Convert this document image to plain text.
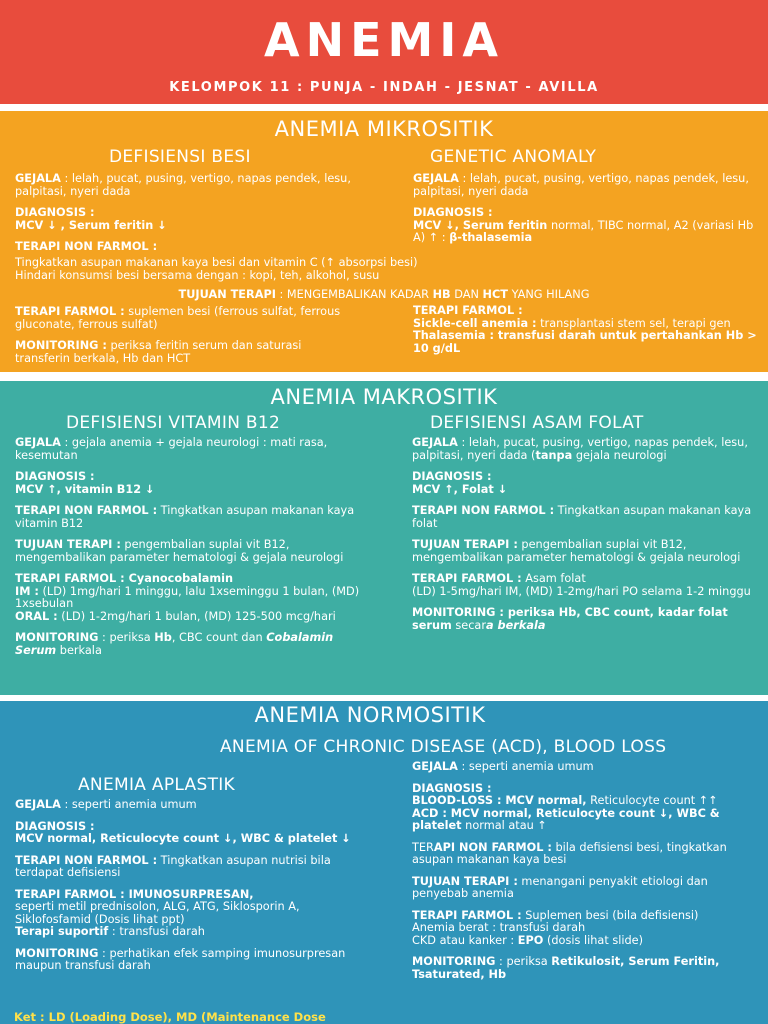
ANEMIA
KELOMPOK 11 : PUNJA - INDAH - JESNAT - AVILLA
ANEMIA MIKROSITIK
DEFISIENSI BESI	GENETIC ANOMALY

GEJALA : lelah, pucat, pusing, vertigo, napas pendek, lesu, palpitasi, nyeri dada

DIAGNOSIS :

MCV ↓ , Serum feritin ↓

TERAPI NON FARMOL :

Tingkatkan asupan makanan kaya besi dan vitamin C (↑ absorpsi besi)

Hindari konsumsi besi bersama dengan : kopi, teh, alkohol, susu

TUJUAN TERAPI : MENGEMBALIKAN KADAR HB DAN HCT YANG HILANG

TERAPI FARMOL : suplemen besi (ferrous sulfat, ferrous gluconate, ferrous sulfat)

MONITORING : periksa feritin serum dan saturasi transferin berkala, Hb dan HCT

GEJALA : lelah, pucat, pusing, vertigo, napas pendek, lesu, palpitasi, nyeri dada

DIAGNOSIS :

MCV ↓, Serum feritin normal, TIBC normal, A2 (variasi Hb A) ↑ : β-thalasemia

TERAPI FARMOL :

Sickle-cell anemia : transplantasi stem sel, terapi gen

Thalasemia : transfusi darah untuk pertahankan Hb > 10 g/dL

ANEMIA MAKROSITIK
DEFISIENSI VITAMIN B12	DEFISIENSI ASAM FOLAT

GEJALA : gejala anemia + gejala neurologi : mati rasa, kesemutan

DIAGNOSIS :

MCV ↑, vitamin B12 ↓

TERAPI NON FARMOL : Tingkatkan asupan makanan kaya vitamin B12

TUJUAN TERAPI : pengembalian suplai vit B12, mengembalikan parameter hematologi & gejala neurologi

TERAPI FARMOL : Cyanocobalamin

IM : (LD) 1mg/hari 1 minggu, lalu 1xseminggu 1 bulan, (MD) 1xsebulan

ORAL : (LD) 1-2mg/hari 1 bulan, (MD) 125-500 mcg/hari

MONITORING : periksa Hb, CBC count dan Cobalamin Serum berkala

GEJALA : lelah, pucat, pusing, vertigo, napas pendek, lesu, palpitasi, nyeri dada (tanpa gejala neurologi

DIAGNOSIS :

MCV ↑, Folat ↓

TERAPI NON FARMOL : Tingkatkan asupan makanan kaya folat

TUJUAN TERAPI : pengembalian suplai vit B12, mengembalikan parameter hematologi & gejala neurologi

TERAPI FARMOL : Asam folat

(LD) 1-5mg/hari IM, (MD) 1-2mg/hari PO selama 1-2 minggu

MONITORING : periksa Hb, CBC count, kadar folat serum secara berkala

ANEMIA NORMOSITIK
ANEMIA OF CHRONIC DISEASE (ACD), BLOOD LOSS
ANEMIA APLASTIK

GEJALA : seperti anemia umum

DIAGNOSIS :

MCV normal, Reticulocyte count ↓, WBC & platelet ↓

TERAPI NON FARMOL : Tingkatkan asupan nutrisi bila terdapat defisiensi

TERAPI FARMOL : IMUNOSURPRESAN,

seperti metil prednisolon, ALG, ATG, Siklosporin A, Siklofosfamid (Dosis lihat ppt)

Terapi suportif : transfusi darah

MONITORING : perhatikan efek samping imunosurpresan maupun transfusi darah

GEJALA : seperti anemia umum

DIAGNOSIS :

BLOOD-LOSS : MCV normal, Reticulocyte count ↑↑

ACD : MCV normal, Reticulocyte count ↓, WBC & platelet normal atau ↑

TERAPI NON FARMOL : bila defisiensi besi, tingkatkan asupan makanan kaya besi

TUJUAN TERAPI : menangani penyakit etiologi dan penyebab anemia

TERAPI FARMOL : Suplemen besi (bila defisiensi)

Anemia berat : transfusi darah

CKD atau kanker : EPO (dosis lihat slide)

MONITORING : periksa Retikulosit, Serum Feritin, Tsaturated, Hb

Ket : LD (Loading Dose), MD (Maintenance Dose
